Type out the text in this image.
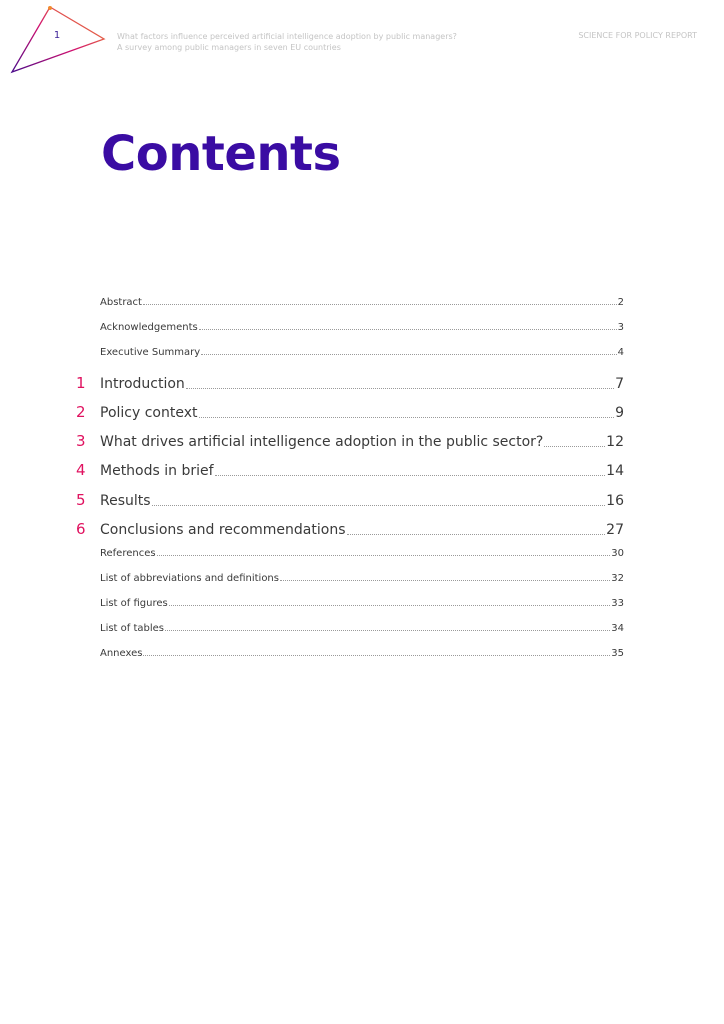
1	What factors influence perceived artificial intelligence adoption by public managers?
A survey among public managers in seven EU countries
SCIENCE FOR POLICY REPORT
Contents
Abstract	2
Acknowledgements	3
Executive Summary	4
1	Introduction	7
2	Policy context	9
3	What drives artificial intelligence adoption in the public sector?	12
4	Methods in brief	14
5	Results	16
6	Conclusions and recommendations	27
References	30
List of abbreviations and definitions	32
List of figures	33
List of tables	34
Annexes	35
